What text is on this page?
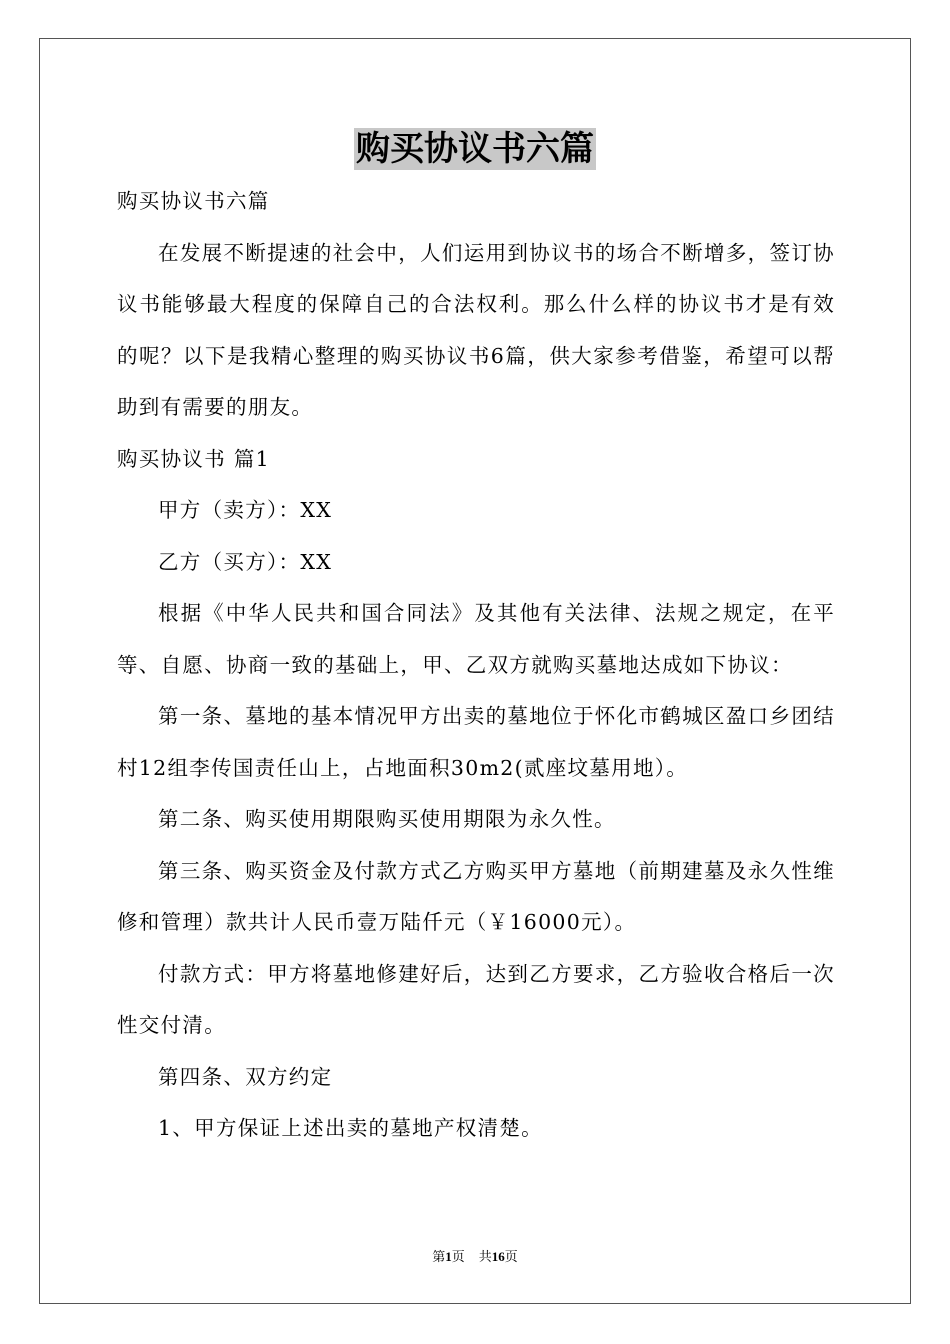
购买协议书六篇

购买协议书六篇

在发展不断提速的社会中，人们运用到协议书的场合不断增多，签订协议书能够最大程度的保障自己的合法权利。那么什么样的协议书才是有效的呢？以下是我精心整理的购买协议书6篇，供大家参考借鉴，希望可以帮助到有需要的朋友。

购买协议书 篇1

甲方（卖方）：XX

乙方（买方）：XX

根据《中华人民共和国合同法》及其他有关法律、法规之规定，在平等、自愿、协商一致的基础上，甲、乙双方就购买墓地达成如下协议：

第一条、墓地的基本情况甲方出卖的墓地位于怀化市鹤城区盈口乡团结村12组李传国责任山上，占地面积30m2(贰座坟墓用地）。

第二条、购买使用期限购买使用期限为永久性。

第三条、购买资金及付款方式乙方购买甲方墓地（前期建墓及永久性维修和管理）款共计人民币壹万陆仟元（￥16000元）。

付款方式：甲方将墓地修建好后，达到乙方要求，乙方验收合格后一次性交付清。

第四条、双方约定

1、甲方保证上述出卖的墓地产权清楚。

第1页 共16页
